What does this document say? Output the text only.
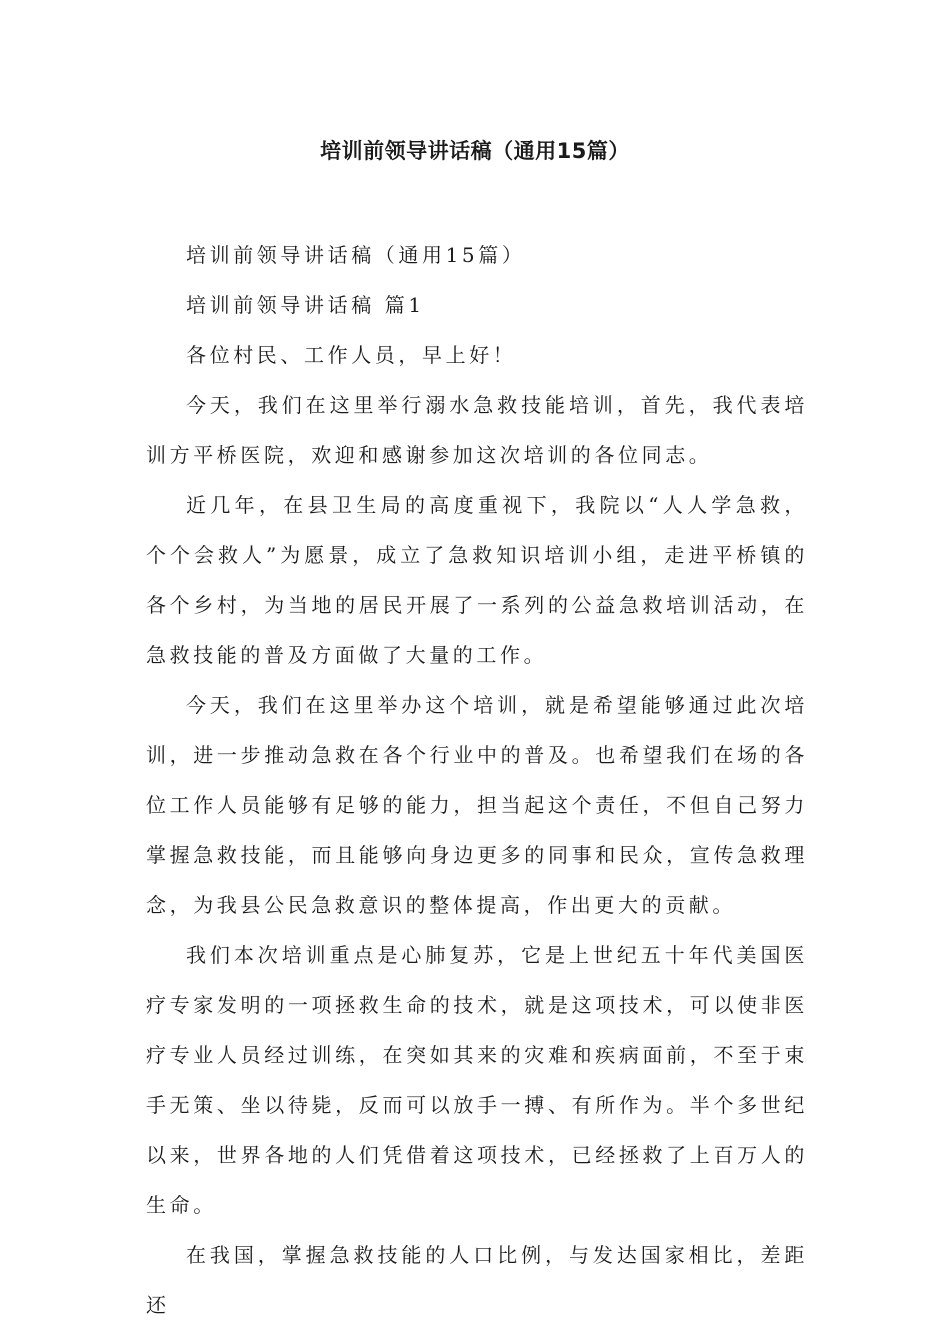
培训前领导讲话稿（通用15篇）

培训前领导讲话稿（通用15篇）

培训前领导讲话稿 篇1

各位村民、工作人员，早上好！

今天，我们在这里举行溺水急救技能培训，首先，我代表培训方平桥医院，欢迎和感谢参加这次培训的各位同志。

近几年，在县卫生局的高度重视下，我院以“人人学急救，个个会救人”为愿景，成立了急救知识培训小组，走进平桥镇的各个乡村，为当地的居民开展了一系列的公益急救培训活动，在急救技能的普及方面做了大量的工作。

今天，我们在这里举办这个培训，就是希望能够通过此次培训，进一步推动急救在各个行业中的普及。也希望我们在场的各位工作人员能够有足够的能力，担当起这个责任，不但自己努力掌握急救技能，而且能够向身边更多的同事和民众，宣传急救理念，为我县公民急救意识的整体提高，作出更大的贡献。

我们本次培训重点是心肺复苏，它是上世纪五十年代美国医疗专家发明的一项拯救生命的技术，就是这项技术，可以使非医疗专业人员经过训练，在突如其来的灾难和疾病面前，不至于束手无策、坐以待毙，反而可以放手一搏、有所作为。半个多世纪以来，世界各地的人们凭借着这项技术，已经拯救了上百万人的生命。

在我国，掌握急救技能的人口比例，与发达国家相比，差距还
